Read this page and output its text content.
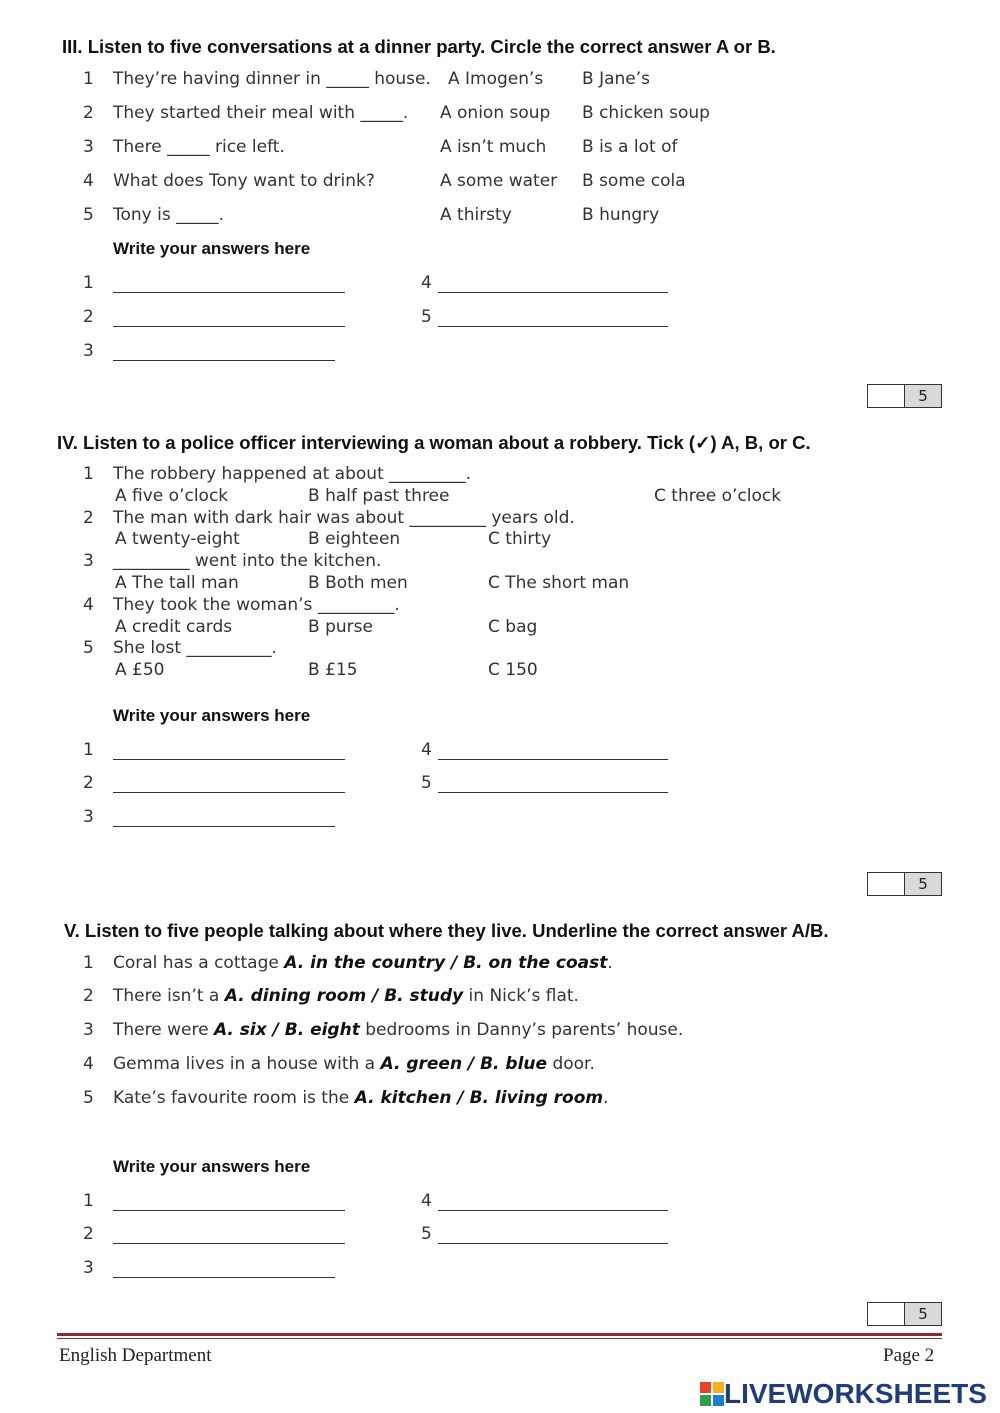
III. Listen to five conversations at a dinner party. Circle the correct answer A or B.
1 They’re having dinner in _____ house. A Imogen’s B Jane’s
2 They started their meal with _____. A onion soup B chicken soup
3 There _____ rice left.	A isn’t much B is a lot of
4 What does Tony want to drink?	A some water B some cola
5 Tony is _____.	A thirsty	B hungry
Write your answers here
1	4
2	5
3
5
IV. Listen to a police officer interviewing a woman about a robbery. Tick (✓) A, B, or C.
1 The robbery happened at about _________.
A five o’clock	B half past three	C three o’clock
2 The man with dark hair was about _________ years old.
A twenty-eight	B eighteen	C thirty
3 _________ went into the kitchen.
A The tall man	B Both men	C The short man
4 They took the woman’s _________.
A credit cards	B purse	C bag
5 She lost __________.
A £50	B £15	C 150
Write your answers here
1	4
2	5
3
5
V. Listen to five people talking about where they live. Underline the correct answer A/B.
1 Coral has a cottage A. in the country / B. on the coast.
2 There isn’t a A. dining room / B. study in Nick’s flat.
3 There were A. six / B. eight bedrooms in Danny’s parents’ house.
4 Gemma lives in a house with a A. green / B. blue door.
5 Kate’s favourite room is the A. kitchen / B. living room.
Write your answers here
1	4
2	5
3
5
English Department	Page 2
LIVEWORKSHEETS
